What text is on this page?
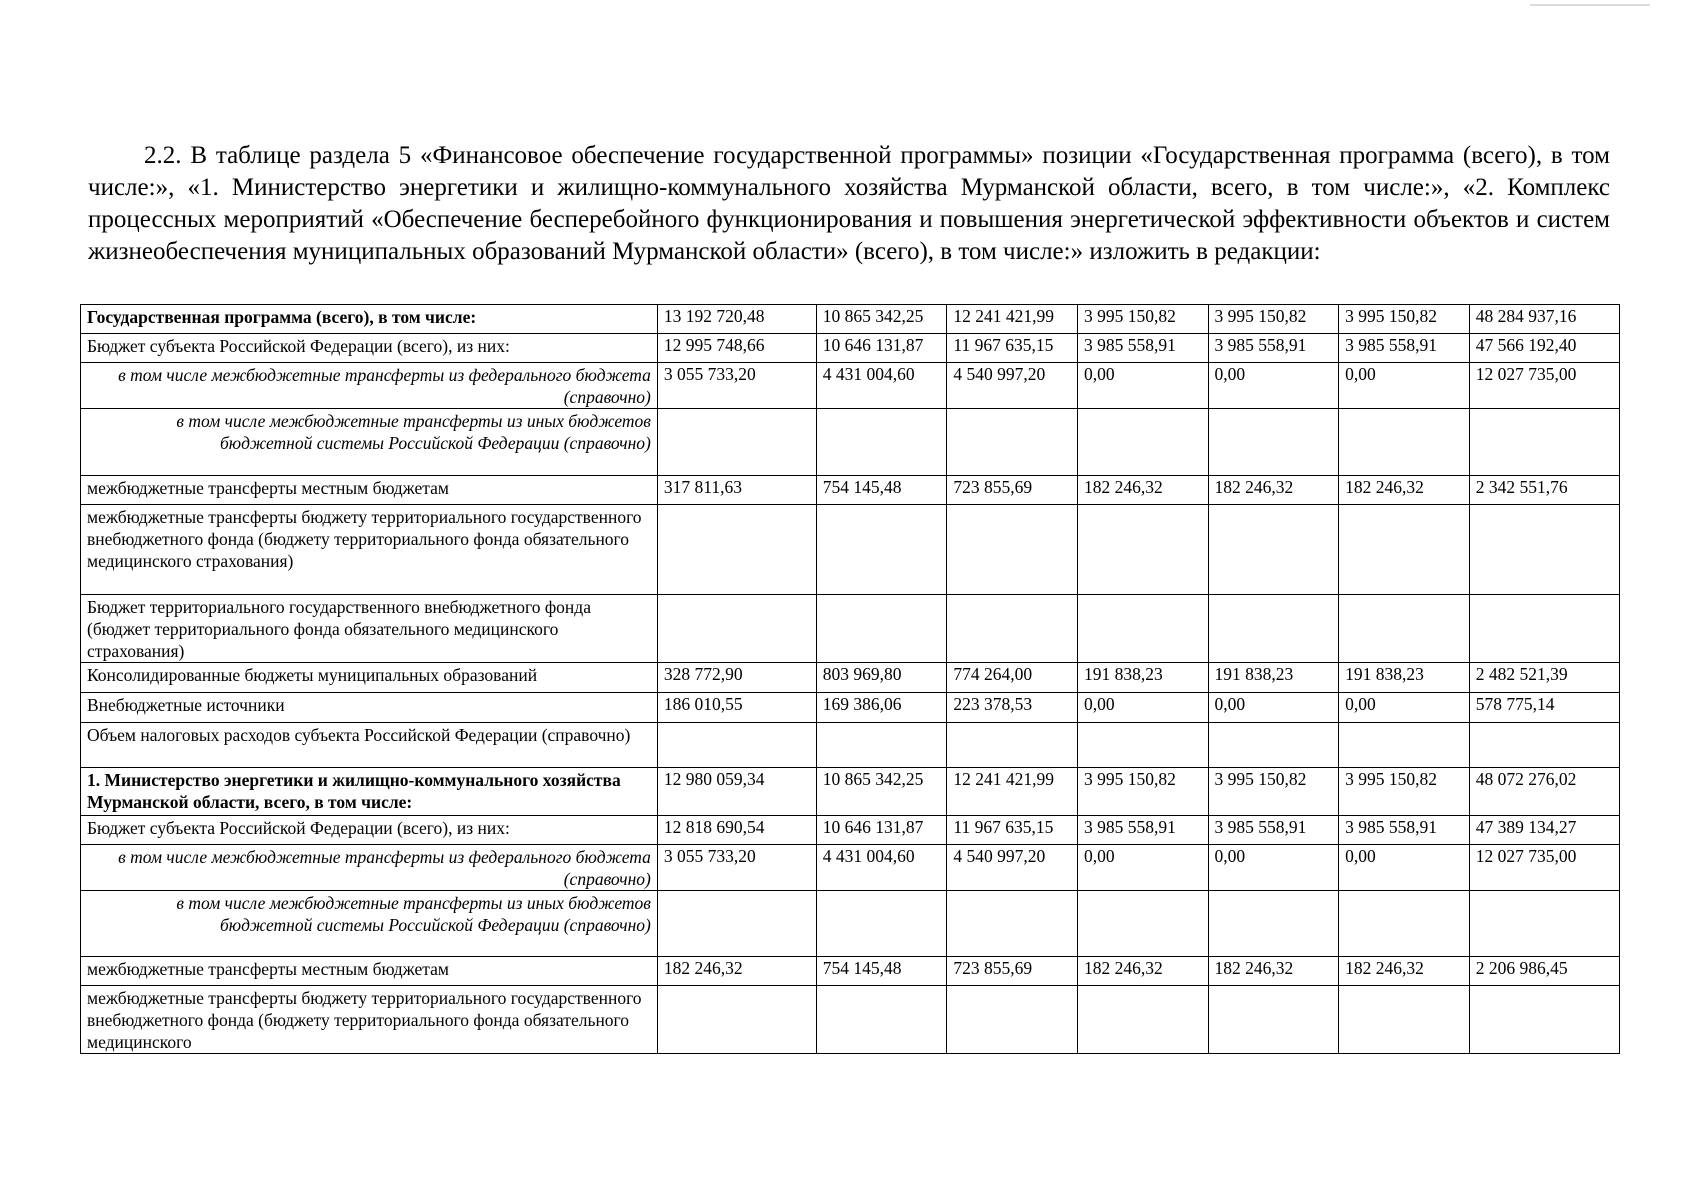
2.2. В таблице раздела 5 «Финансовое обеспечение государственной программы» позиции «Государственная программа (всего), в том числе:», «1. Министерство энергетики и жилищно-коммунального хозяйства Мурманской области, всего, в том числе:», «2. Комплекс процессных мероприятий «Обеспечение бесперебойного функционирования и повышения энергетической эффективности объектов и систем жизнеобеспечения муниципальных образований Мурманской области» (всего), в том числе:» изложить в редакции:

Государственная программа (всего), в том числе:	13 192 720,48	10 865 342,25	12 241 421,99	3 995 150,82	3 995 150,82	3 995 150,82	48 284 937,16
Бюджет субъекта Российской Федерации (всего), из них:	12 995 748,66	10 646 131,87	11 967 635,15	3 985 558,91	3 985 558,91	3 985 558,91	47 566 192,40
в том числе межбюджетные трансферты из федерального бюджета (справочно)	3 055 733,20	4 431 004,60	4 540 997,20	0,00	0,00	0,00	12 027 735,00
в том числе межбюджетные трансферты из иных бюджетов бюджетной системы Российской Федерации (справочно)							
межбюджетные трансферты местным бюджетам	317 811,63	754 145,48	723 855,69	182 246,32	182 246,32	182 246,32	2 342 551,76
межбюджетные трансферты бюджету территориального государственного внебюджетного фонда (бюджету территориального фонда обязательного медицинского страхования)							
Бюджет территориального государственного внебюджетного фонда (бюджет территориального фонда обязательного медицинского страхования)							
Консолидированные бюджеты муниципальных образований	328 772,90	803 969,80	774 264,00	191 838,23	191 838,23	191 838,23	2 482 521,39
Внебюджетные источники	186 010,55	169 386,06	223 378,53	0,00	0,00	0,00	578 775,14
Объем налоговых расходов субъекта Российской Федерации (справочно)							
1. Министерство энергетики и жилищно-коммунального хозяйства Мурманской области, всего, в том числе:	12 980 059,34	10 865 342,25	12 241 421,99	3 995 150,82	3 995 150,82	3 995 150,82	48 072 276,02
Бюджет субъекта Российской Федерации (всего), из них:	12 818 690,54	10 646 131,87	11 967 635,15	3 985 558,91	3 985 558,91	3 985 558,91	47 389 134,27
в том числе межбюджетные трансферты из федерального бюджета (справочно)	3 055 733,20	4 431 004,60	4 540 997,20	0,00	0,00	0,00	12 027 735,00
в том числе межбюджетные трансферты из иных бюджетов бюджетной системы Российской Федерации (справочно)							
межбюджетные трансферты местным бюджетам	182 246,32	754 145,48	723 855,69	182 246,32	182 246,32	182 246,32	2 206 986,45
межбюджетные трансферты бюджету территориального государственного внебюджетного фонда (бюджету территориального фонда обязательного медицинского							
